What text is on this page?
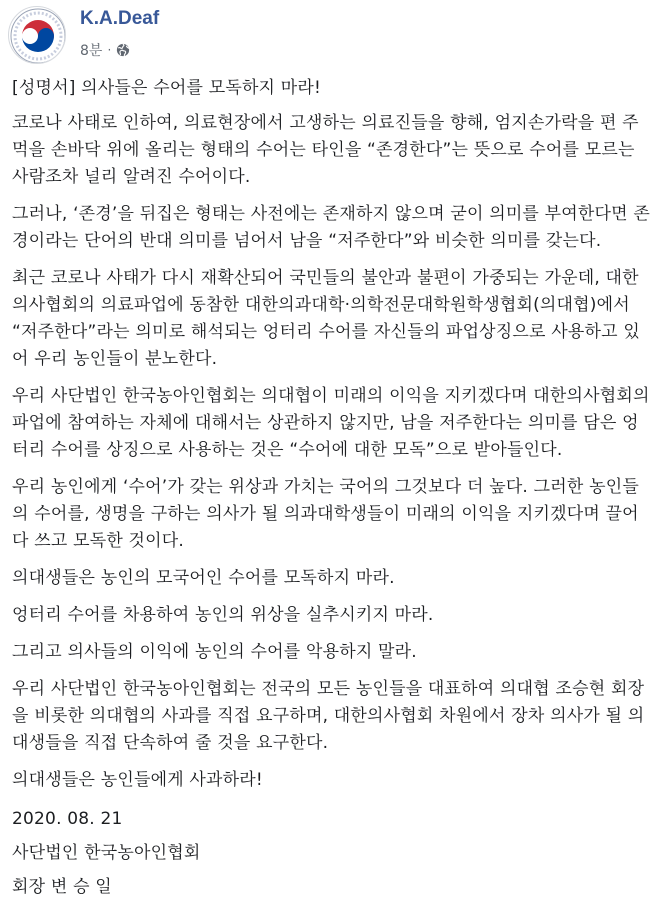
K.A.Deaf
8분 ·

[성명서] 의사들은 수어를 모독하지 마라!

코로나 사태로 인하여, 의료현장에서 고생하는 의료진들을 향해, 엄지손가락을 편 주먹을 손바닥 위에 올리는 형태의 수어는 타인을 “존경한다”는 뜻으로 수어를 모르는 사람조차 널리 알려진 수어이다.

그러나, ‘존경’을 뒤집은 형태는 사전에는 존재하지 않으며 굳이 의미를 부여한다면 존경이라는 단어의 반대 의미를 넘어서 남을 “저주한다”와 비슷한 의미를 갖는다.

최근 코로나 사태가 다시 재확산되어 국민들의 불안과 불편이 가중되는 가운데, 대한의사협회의 의료파업에 동참한 대한의과대학·의학전문대학원학생협회(의대협)에서 “저주한다”라는 의미로 해석되는 엉터리 수어를 자신들의 파업상징으로 사용하고 있어 우리 농인들이 분노한다.

우리 사단법인 한국농아인협회는 의대협이 미래의 이익을 지키겠다며 대한의사협회의 파업에 참여하는 자체에 대해서는 상관하지 않지만, 남을 저주한다는 의미를 담은 엉터리 수어를 상징으로 사용하는 것은 “수어에 대한 모독”으로 받아들인다.

우리 농인에게 ‘수어’가 갖는 위상과 가치는 국어의 그것보다 더 높다. 그러한 농인들의 수어를, 생명을 구하는 의사가 될 의과대학생들이 미래의 이익을 지키겠다며 끌어다 쓰고 모독한 것이다.

의대생들은 농인의 모국어인 수어를 모독하지 마라.

엉터리 수어를 차용하여 농인의 위상을 실추시키지 마라.

그리고 의사들의 이익에 농인의 수어를 악용하지 말라.

우리 사단법인 한국농아인협회는 전국의 모든 농인들을 대표하여 의대협 조승현 회장을 비롯한 의대협의 사과를 직접 요구하며, 대한의사협회 차원에서 장차 의사가 될 의대생들을 직접 단속하여 줄 것을 요구한다.

의대생들은 농인들에게 사과하라!

2020. 08. 21

사단법인 한국농아인협회

회장 변 승 일
